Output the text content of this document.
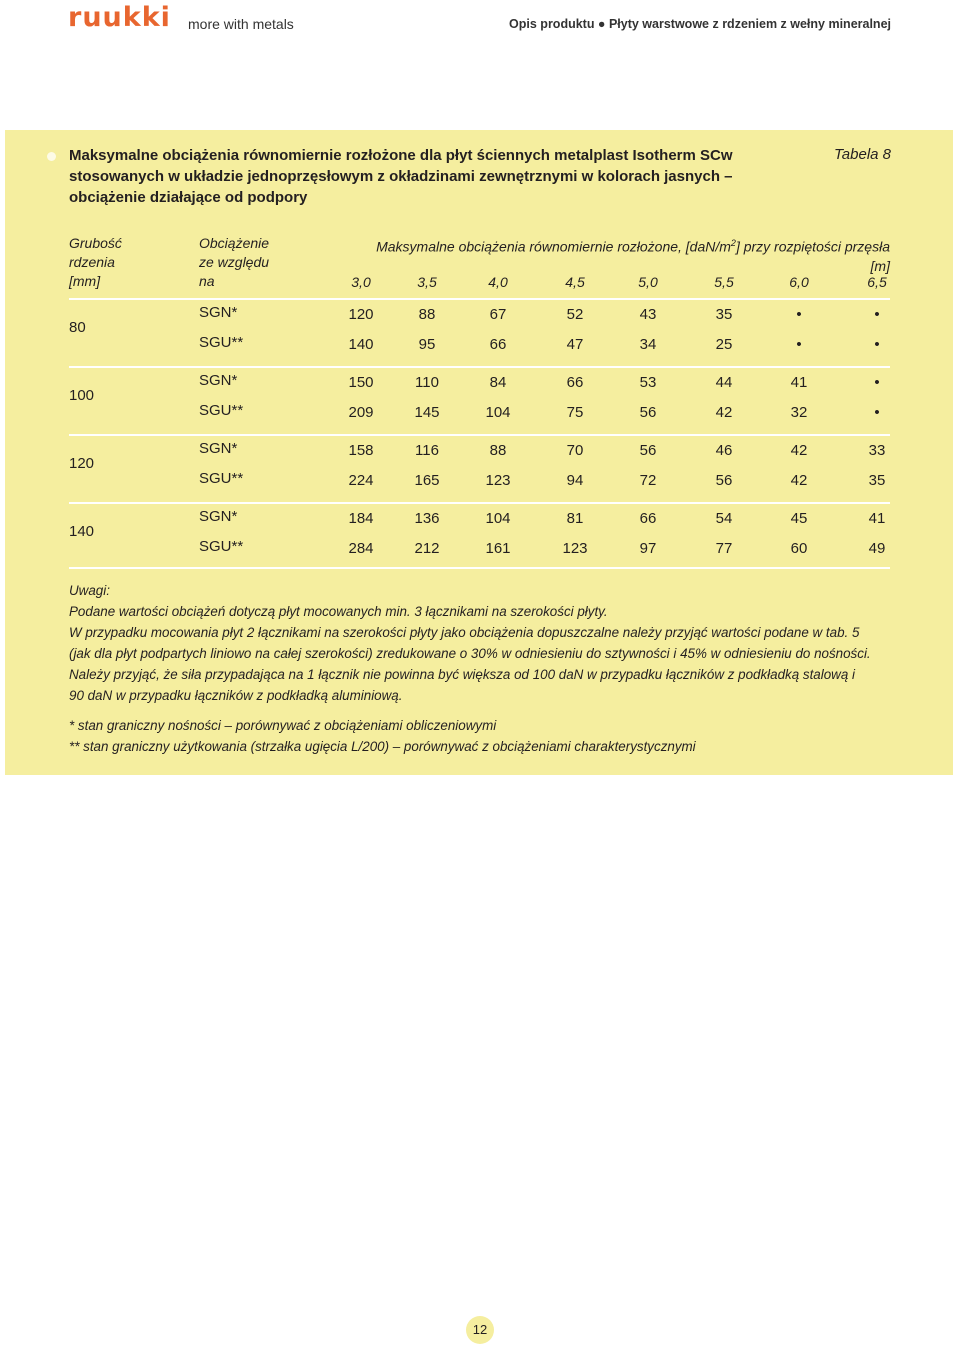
ruukki more with metals	Opis produktu ● Płyty warstwowe z rdzeniem z wełny mineralnej
Maksymalne obciążenia równomiernie rozłożone dla płyt ściennych metalplast Isotherm SCw stosowanych w układzie jednoprzęsłowym z okładzinami zewnętrznymi w kolorach jasnych – obciążenie działające od podpory
Tabela 8
Grubość
rdzenia
[mm]
Obciążenie
ze względu
na
Maksymalne obciążenia równomiernie rozłożone, $[daN/m^2]$ przy rozpiętości przęsła [m]
3,0	3,5	4,0	4,5	5,0	5,5	6,0	6,5
80
SGN*	120	88	67	52	43	35	•	•
SGU**	140	95	66	47	34	25	•	•
100
SGN*	150	110	84	66	53	44	41	•
SGU**	209	145	104	75	56	42	32	•
120
SGN*	158	116	88	70	56	46	42	33
SGU**	224	165	123	94	72	56	42	35
140
SGN*	184	136	104	81	66	54	45	41
SGU**	284	212	161	123	97	77	60	49
Uwagi:
Podane wartości obciążeń dotyczą płyt mocowanych min. 3 łącznikami na szerokości płyty.
W przypadku mocowania płyt 2 łącznikami na szerokości płyty jako obciążenia dopuszczalne należy przyjąć wartości podane w tab. 5
(jak dla płyt podpartych liniowo na całej szerokości) zredukowane o 30% w odniesieniu do sztywności i 45% w odniesieniu do nośności.
Należy przyjąć, że siła przypadająca na 1 łącznik nie powinna być większa od 100 daN w przypadku łączników z podkładką stalową i
90 daN w przypadku łączników z podkładką aluminiową.
* stan graniczny nośności – porównywać z obciążeniami obliczeniowymi
** stan graniczny użytkowania (strzałka ugięcia L/200) – porównywać z obciążeniami charakterystycznymi
12
